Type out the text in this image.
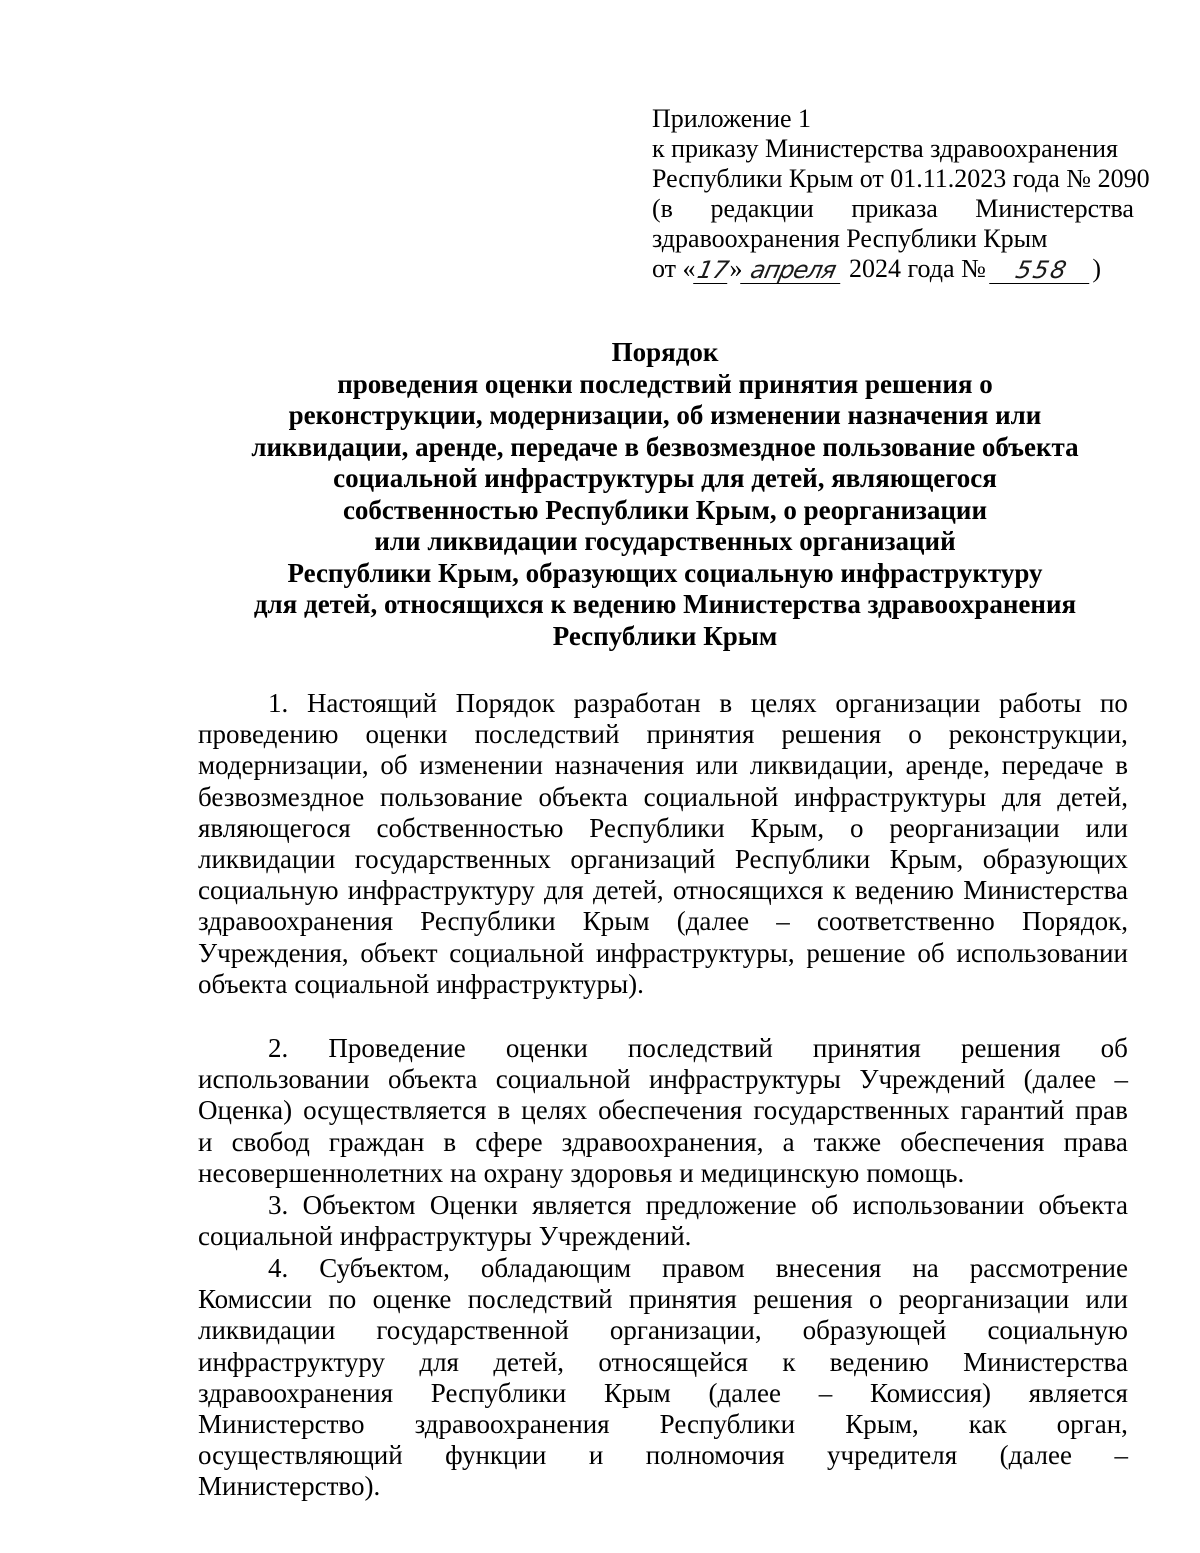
Приложение 1
к приказу Министерства здравоохранения
Республики Крым от 01.11.2023 года № 2090
(в редакции приказа Министерства
здравоохранения Республики Крым
от «
17
» апреля 2024 года № 558 )
Порядок
проведения оценки последствий принятия решения о
реконструкции, модернизации, об изменении назначения или
ликвидации, аренде, передаче в безвозмездное пользование объекта
социальной инфраструктуры для детей, являющегося
собственностью Республики Крым, о реорганизации
или ликвидации государственных организаций
Республики Крым, образующих социальную инфраструктуру
для детей, относящихся к ведению Министерства здравоохранения
Республики Крым
1. Настоящий Порядок разработан в целях организации работы по
проведению оценки последствий принятия решения о реконструкции,
модернизации, об изменении назначения или ликвидации, аренде, передаче в
безвозмездное пользование объекта социальной инфраструктуры для детей,
являющегося собственностью Республики Крым, о реорганизации или
ликвидации государственных организаций Республики Крым, образующих
социальную инфраструктуру для детей, относящихся к ведению Министерства
здравоохранения Республики Крым (далее – соответственно Порядок,
Учреждения, объект социальной инфраструктуры, решение об использовании
объекта социальной инфраструктуры).
2. Проведение оценки последствий принятия решения об
использовании объекта социальной инфраструктуры Учреждений (далее –
Оценка) осуществляется в целях обеспечения государственных гарантий прав
и свобод граждан в сфере здравоохранения, а также обеспечения права
несовершеннолетних на охрану здоровья и медицинскую помощь.
3. Объектом Оценки является предложение об использовании объекта
социальной инфраструктуры Учреждений.
4. Субъектом, обладающим правом внесения на рассмотрение
Комиссии по оценке последствий принятия решения о реорганизации или
ликвидации государственной организации, образующей социальную
инфраструктуру для детей, относящейся к ведению Министерства
здравоохранения Республики Крым (далее – Комиссия) является
Министерство здравоохранения Республики Крым, как орган,
осуществляющий функции и полномочия учредителя (далее –
Министерство).
